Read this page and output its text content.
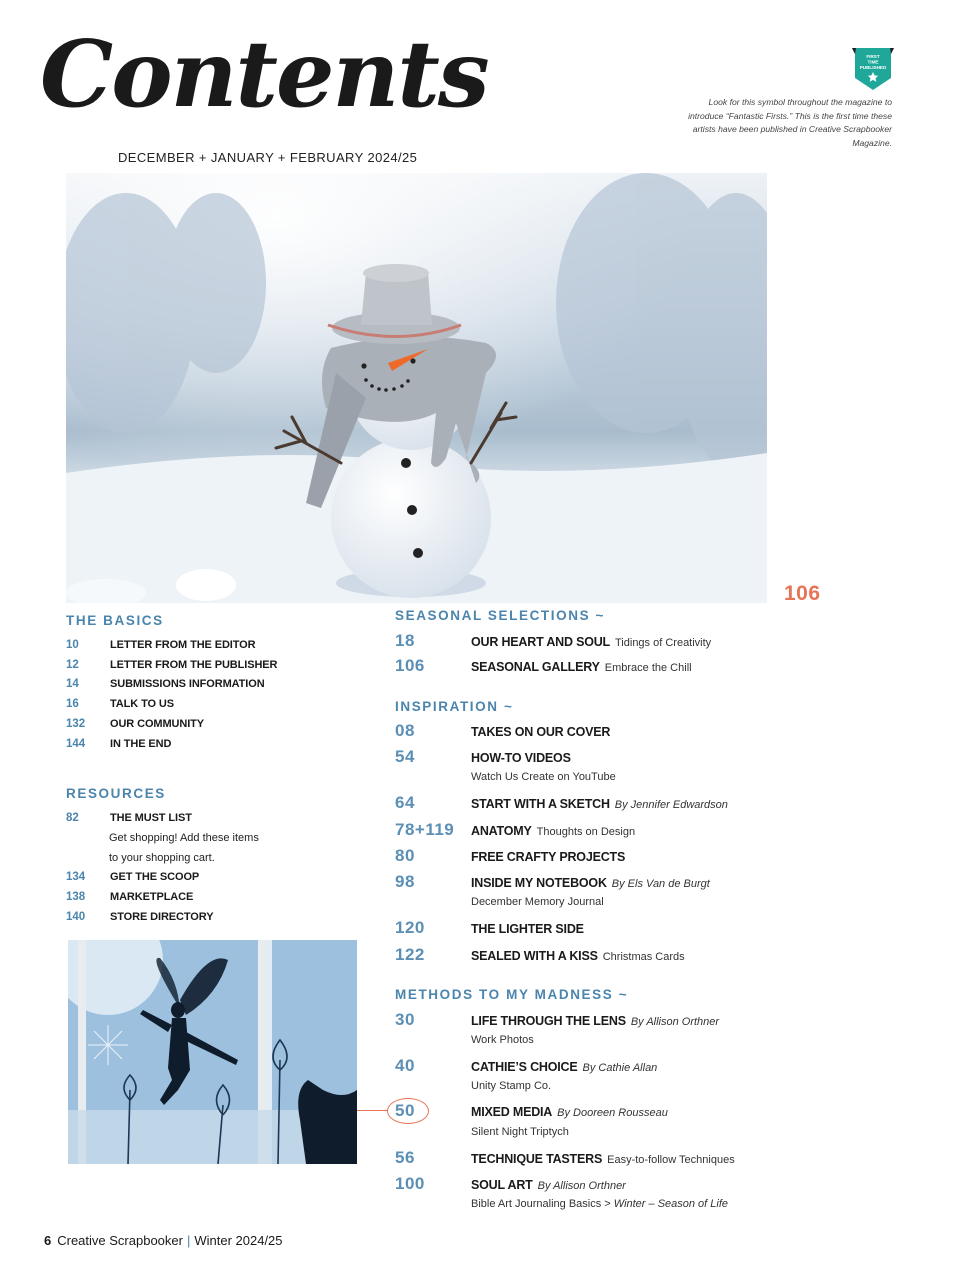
Contents
DECEMBER + JANUARY + FEBRUARY 2024/25
FIRST
TIME
PUBLISHED
Look for this symbol throughout the magazine to introduce “Fantastic Firsts.” This is the first time these artists have been published in Creative Scrapbooker Magazine.
106
THE BASICS
10	LETTER FROM THE EDITOR
12	LETTER FROM THE PUBLISHER
14	SUBMISSIONS INFORMATION
16	TALK TO US
132	OUR COMMUNITY
144	IN THE END
RESOURCES
82	THE MUST LIST
Get shopping! Add these items
to your shopping cart.
134	GET THE SCOOP
138	MARKETPLACE
140	STORE DIRECTORY
SEASONAL SELECTIONS ~
18	OUR HEART AND SOUL Tidings of Creativity
106	SEASONAL GALLERY Embrace the Chill
INSPIRATION ~
08	TAKES ON OUR COVER
54	HOW-TO VIDEOS
Watch Us Create on YouTube
64	START WITH A SKETCH By Jennifer Edwardson
78+119	ANATOMY Thoughts on Design
80	FREE CRAFTY PROJECTS
98	INSIDE MY NOTEBOOK By Els Van de Burgt
December Memory Journal
120	THE LIGHTER SIDE
122	SEALED WITH A KISS Christmas Cards
METHODS TO MY MADNESS ~
30	LIFE THROUGH THE LENS By Allison Orthner
Work Photos
40	CATHIE’S CHOICE By Cathie Allan
Unity Stamp Co.
50	MIXED MEDIA By Dooreen Rousseau
Silent Night Triptych
56	TECHNIQUE TASTERS Easy-to-follow Techniques
100	SOUL ART By Allison Orthner
Bible Art Journaling Basics > Winter – Season of Life
6 Creative Scrapbooker | Winter 2024/25
